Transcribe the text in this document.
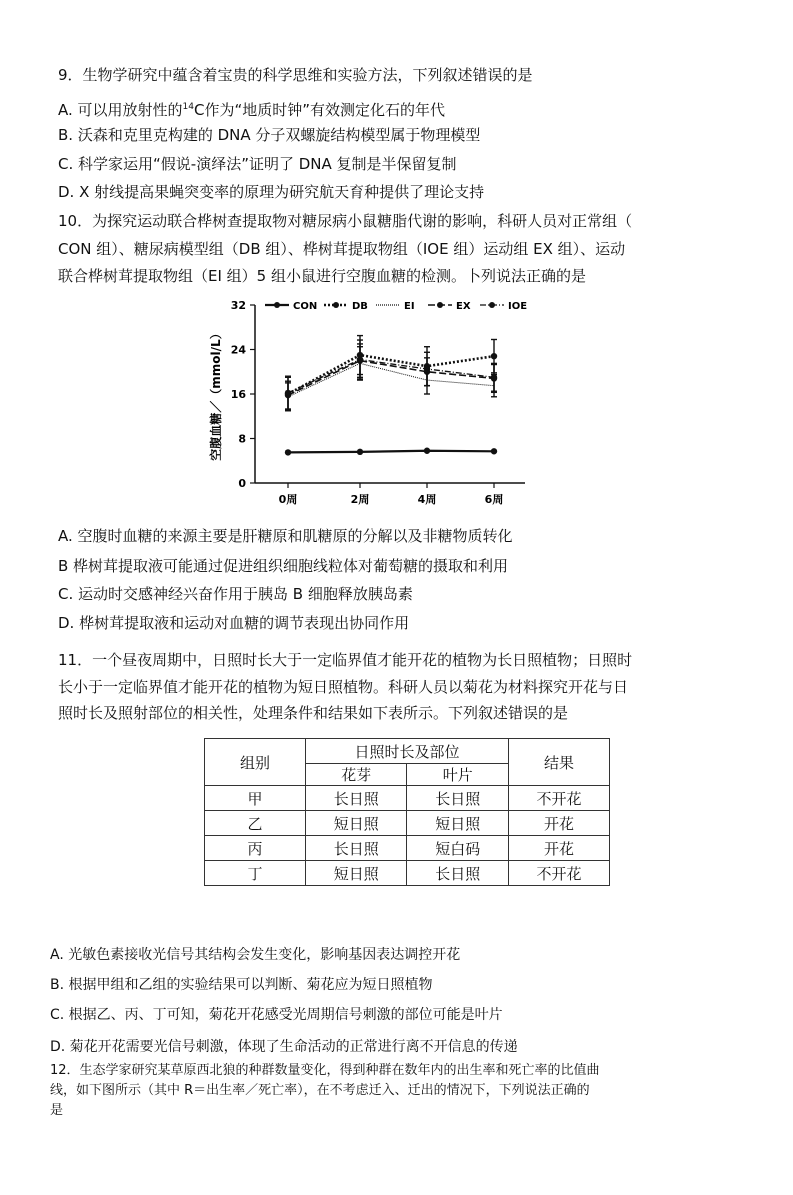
9．生物学研究中蕴含着宝贵的科学思维和实验方法，下列叙述错误的是
A. 可以用放射性的$^{14}$C作为“地质时钟”有效测定化石的年代
B. 沃森和克里克构建的 DNA 分子双螺旋结构模型属于物理模型
C. 科学家运用“假说-演绎法”证明了 DNA 复制是半保留复制
D. X 射线提高果蝇突变率的原理为研究航天育种提供了理论支持
10．为探究运动联合桦树查提取物对糖尿病小鼠糖脂代谢的影响，科研人员对正常组（
CON 组）、糖尿病模型组（DB 组）、桦树茸提取物组（IOE 组）运动组 EX 组）、运动
联合桦树茸提取物组（EI 组）5 组小鼠进行空腹血糖的检测。卜列说法正确的是
0
8
16
24
32
0周	2周	4周	6周
空腹血糖／（mmol/L）
CON	DB	EI	EX	IOE
A. 空腹时血糖的来源主要是肝糖原和肌糖原的分解以及非糖物质转化
B 桦树茸提取液可能通过促进组织细胞线粒体对葡萄糖的摄取和利用
C. 运动时交感神经兴奋作用于胰岛 B 细胞释放胰岛素
D. 桦树茸提取液和运动对血糖的调节表现出协同作用
11．一个昼夜周期中，日照时长大于一定临界值才能开花的植物为长日照植物；日照时
长小于一定临界值才能开花的植物为短日照植物。科研人员以菊花为材料探究开花与日
照时长及照射部位的相关性，处理条件和结果如下表所示。下列叙述错误的是
组别	日照时长及部位		结果
	花芽	叶片	
甲	长日照	长日照	不开花
乙	短日照	短日照	开花
丙	长日照	短白码	开花
丁	短日照	长日照	不开花
A. 光敏色素接收光信号其结构会发生变化，影响基因表达调控开花
B. 根据甲组和乙组的实验结果可以判断、菊花应为短日照植物
C. 根据乙、丙、丁可知，菊花开花感受光周期信号刺激的部位可能是叶片
D. 菊花开花需要光信号刺激，体现了生命活动的正常进行离不开信息的传递
12．生态学家研究某草原西北狼的种群数量变化，得到种群在数年内的出生率和死亡率的比值曲
线，如下图所示（其中 R＝出生率／死亡率），在不考虑迁入、迁出的情况下，下列说法正确的
是
